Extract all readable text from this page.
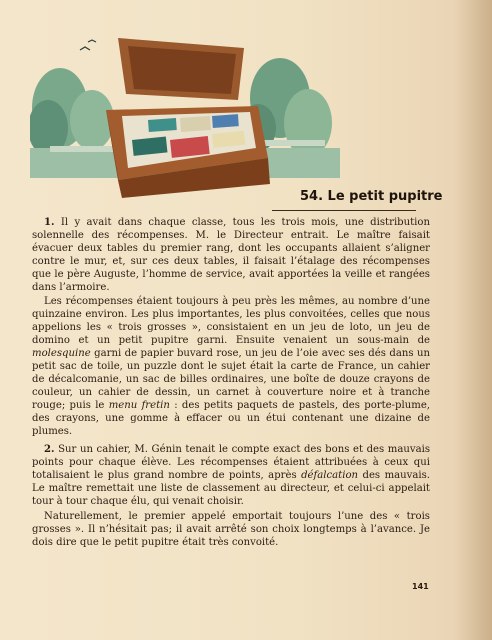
54. Le petit pupitre

1. Il y avait dans chaque classe, tous les trois mois, une distribution solennelle des récompenses. M. le Directeur entrait. Le maître faisait évacuer deux tables du premier rang, dont les occupants allaient s’aligner contre le mur, et, sur ces deux tables, il faisait l’étalage des récompenses que le père Auguste, l’homme de service, avait apportées la veille et rangées dans l’armoire.

Les récompenses étaient toujours à peu près les mêmes, au nombre d’une quinzaine environ. Les plus importantes, les plus convoitées, celles que nous appelions les « trois grosses », consistaient en un jeu de loto, un jeu de domino et un petit pupitre garni. Ensuite venaient un sous-main de molesquine garni de papier buvard rose, un jeu de l’oie avec ses dés dans un petit sac de toile, un puzzle dont le sujet était la carte de France, un cahier de décalcomanie, un sac de billes ordinaires, une boîte de douze crayons de couleur, un cahier de dessin, un carnet à couverture noire et à tranche rouge; puis le menu fretin : des petits paquets de pastels, des porte-plume, des crayons, une gomme à effacer ou un étui contenant une dizaine de plumes.

2. Sur un cahier, M. Génin tenait le compte exact des bons et des mauvais points pour chaque élève. Les récompenses étaient attribuées à ceux qui totalisaient le plus grand nombre de points, après défalcation des mauvais. Le maître remettait une liste de classement au directeur, et celui-ci appelait tour à tour chaque élu, qui venait choisir.

Naturellement, le premier appelé emportait toujours l’une des « trois grosses ». Il n’hésitait pas; il avait arrêté son choix longtemps à l’avance. Je dois dire que le petit pupitre était très convoité.

141
